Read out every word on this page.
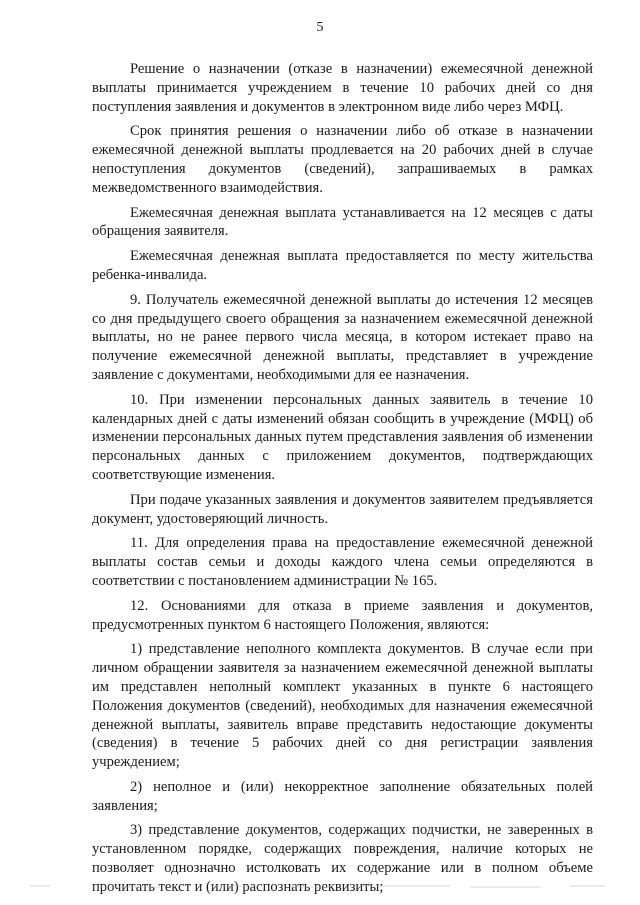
5

Решение о назначении (отказе в назначении) ежемесячной денежной выплаты принимается учреждением в течение 10 рабочих дней со дня поступления заявления и документов в электронном виде либо через МФЦ.

Срок принятия решения о назначении либо об отказе в назначении ежемесячной денежной выплаты продлевается на 20 рабочих дней в случае непоступления документов (сведений), запрашиваемых в рамках межведомственного взаимодействия.

Ежемесячная денежная выплата устанавливается на 12 месяцев с даты обращения заявителя.

Ежемесячная денежная выплата предоставляется по месту жительства ребенка-инвалида.

9. Получатель ежемесячной денежной выплаты до истечения 12 месяцев со дня предыдущего своего обращения за назначением ежемесячной денежной выплаты, но не ранее первого числа месяца, в котором истекает право на получение ежемесячной денежной выплаты, представляет в учреждение заявление с документами, необходимыми для ее назначения.

10. При изменении персональных данных заявитель в течение 10 календарных дней с даты изменений обязан сообщить в учреждение (МФЦ) об изменении персональных данных путем представления заявления об изменении персональных данных с приложением документов, подтверждающих соответствующие изменения.

При подаче указанных заявления и документов заявителем предъявляется документ, удостоверяющий личность.

11. Для определения права на предоставление ежемесячной денежной выплаты состав семьи и доходы каждого члена семьи определяются в соответствии с постановлением администрации № 165.

12. Основаниями для отказа в приеме заявления и документов, предусмотренных пунктом 6 настоящего Положения, являются:

1) представление неполного комплекта документов. В случае если при личном обращении заявителя за назначением ежемесячной денежной выплаты им представлен неполный комплект указанных в пункте 6 настоящего Положения документов (сведений), необходимых для назначения ежемесячной денежной выплаты, заявитель вправе представить недостающие документы (сведения) в течение 5 рабочих дней со дня регистрации заявления учреждением;

2) неполное и (или) некорректное заполнение обязательных полей заявления;

3) представление документов, содержащих подчистки, не заверенных в установленном порядке, содержащих повреждения, наличие которых не позволяет однозначно истолковать их содержание или в полном объеме прочитать текст и (или) распознать реквизиты;
